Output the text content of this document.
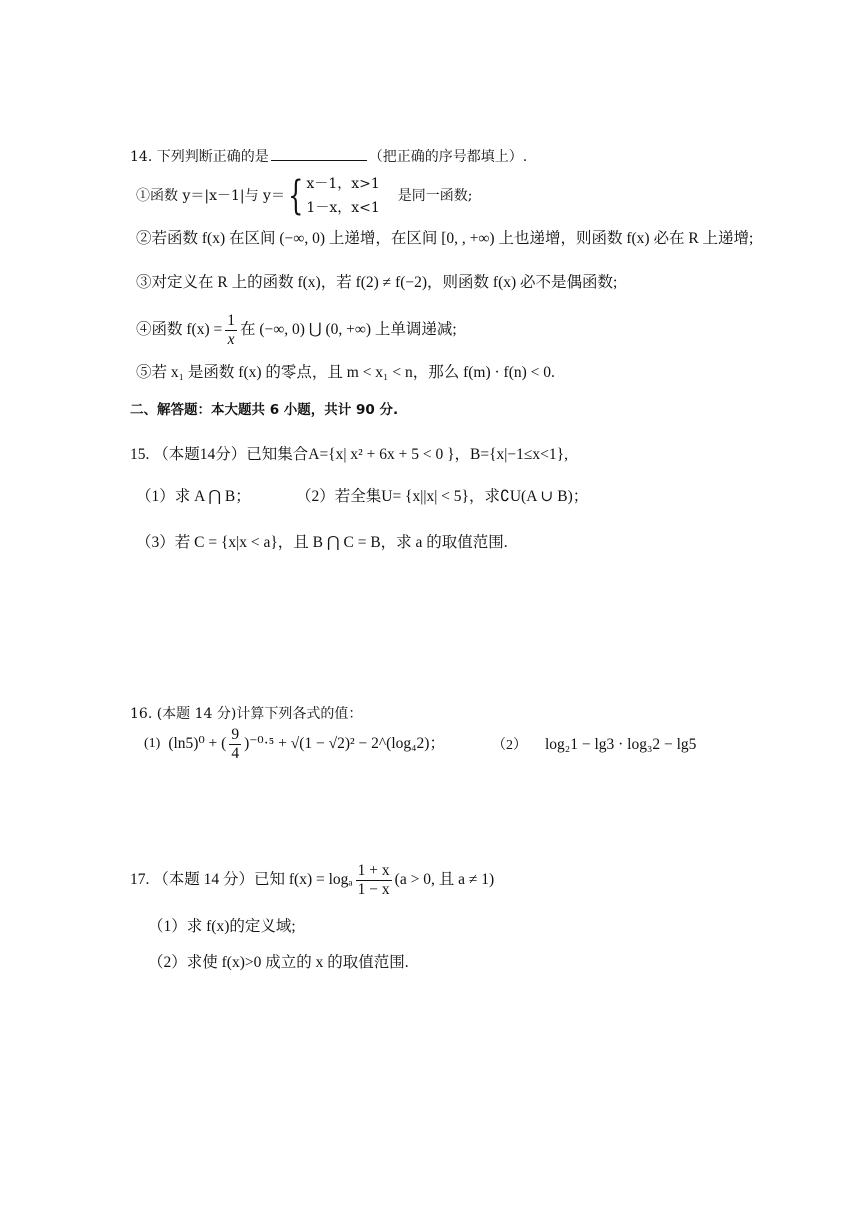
14. 下列判断正确的是	（把正确的序号都填上）.
①函数 y＝|x－1|与 y＝ { x－1，x>1
1－x，x<1
是同一函数;
②若函数 f(x) 在区间 (−∞, 0) 上递增，在区间 [0, , +∞) 上也递增，则函数 f(x) 必在 R 上递增;
③对定义在 R 上的函数 f(x)，若 f(2) ≠ f(−2)，则函数 f(x) 必不是偶函数;
④函数 $f(x) = \frac{1}{x}$ 在 (−∞, 0) ⋃ (0, +∞) 上单调递减;
⑤若 x₁ 是函数 f(x) 的零点，且 m < x₁ < n，那么 f(m) · f(n) < 0.
二、解答题：本大题共 6 小题，共计 90 分.
15. （本题14分）已知集合A={x| x² + 6x + 5 < 0 }，B={x|−1≤x<1},
（1）求 A ⋂ B；	（2）若全集U= {x||x| < 5}，求∁U(A ∪ B)；
（3）若 C = {x|x < a}，且 B ⋂ C = B，求 a 的取值范围.
16. (本题 14 分)计算下列各式的值：
(1) (ln5)⁰ + ( $\frac{9}{4} )^{-0}\cdot^5 + √(1 - √2)^2$ − 2^(log₄2)；	（2） log₂1 − lg3 · log₃2 − lg5
17. （本题 14 分）已知 f(x) = logₐ $\frac{1 + x}{1 - x} (a > 0$, 且 a ≠ 1)
（1）求 f(x)的定义域;
（2）求使 f(x)>0 成立的 x 的取值范围.
